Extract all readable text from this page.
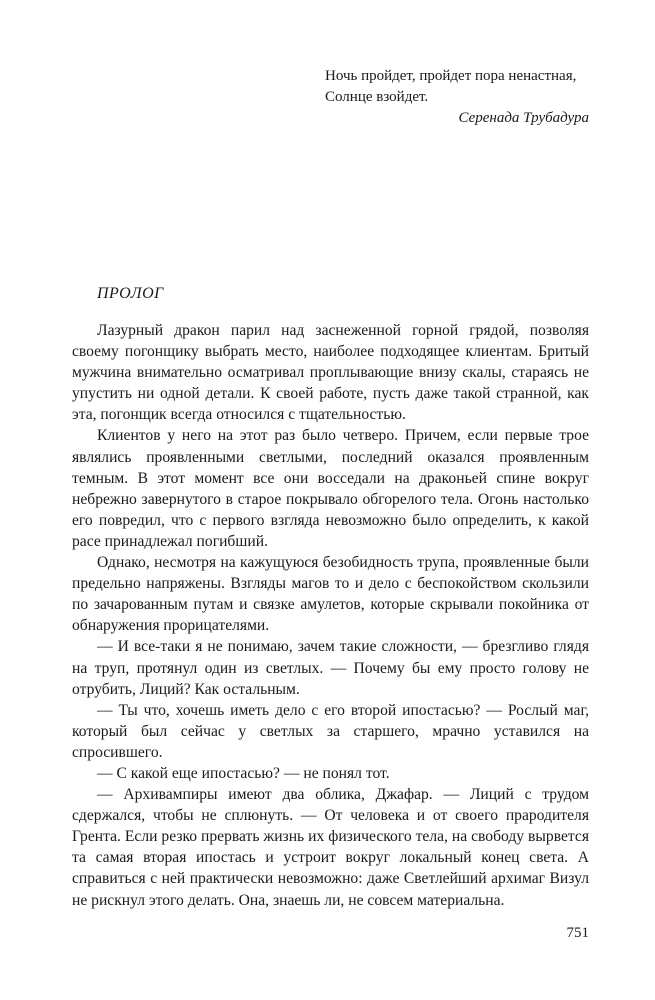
Ночь пройдет, пройдет пора ненастная,
Солнце взойдет.
Серенада Трубадура
ПРОЛОГ

Лазурный дракон парил над заснеженной горной грядой, позволяя своему погонщику выбрать место, наиболее подходящее клиентам. Бритый мужчина внимательно осматривал проплывающие внизу скалы, стараясь не упустить ни одной детали. К своей работе, пусть даже такой странной, как эта, погонщик всегда относился с тщательностью.

Клиентов у него на этот раз было четверо. Причем, если первые трое являлись проявленными светлыми, последний оказался проявленным темным. В этот момент все они восседали на драконьей спине вокруг небрежно завернутого в старое покрывало обгорелого тела. Огонь настолько его повредил, что с первого взгляда невозможно было определить, к какой расе принадлежал погибший.

Однако, несмотря на кажущуюся безобидность трупа, проявленные были предельно напряжены. Взгляды магов то и дело с беспокойством скользили по зачарованным путам и связке амулетов, которые скрывали покойника от обнаружения прорицателями.

— И все-таки я не понимаю, зачем такие сложности, — брезгливо глядя на труп, протянул один из светлых. — Почему бы ему просто голову не отрубить, Лиций? Как остальным.

— Ты что, хочешь иметь дело с его второй ипостасью? — Рослый маг, который был сейчас у светлых за старшего, мрачно уставился на спросившего.

— С какой еще ипостасью? — не понял тот.

— Архивампиры имеют два облика, Джафар. — Лиций с трудом сдержался, чтобы не сплюнуть. — От человека и от своего прародителя Грента. Если резко прервать жизнь их физического тела, на свободу вырвется та самая вторая ипостась и устроит вокруг локальный конец света. А справиться с ней практически невозможно: даже Светлейший архимаг Визул не рискнул этого делать. Она, знаешь ли, не совсем материальна.

751
